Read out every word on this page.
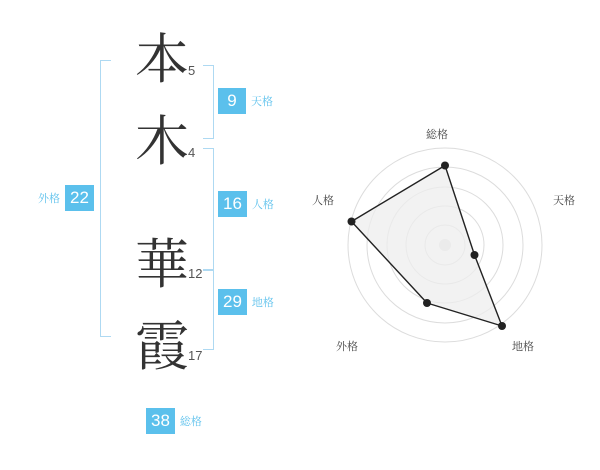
外格 22
本 5
木 4
華 12
霞 17
9	天格
16 人格
29 地格
38 総格
総格
天格
地格
外格
人格
